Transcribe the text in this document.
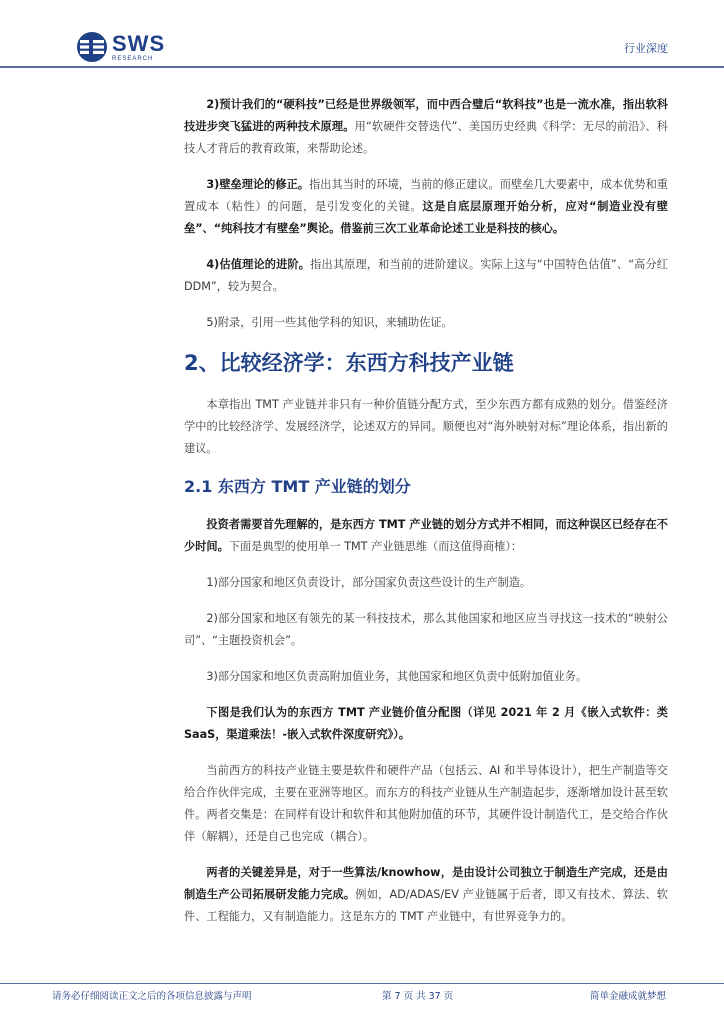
SWS
RESEARCH
行业深度

2)预计我们的“硬科技”已经是世界级领军，而中西合璧后“软科技”也是一流水准，指出软科技进步突飞猛进的两种技术原理。用“软硬件交替迭代”、美国历史经典《科学：无尽的前沿》、科技人才背后的教育政策，来帮助论述。

3)壁垒理论的修正。指出其当时的环境，当前的修正建议。而壁垒几大要素中，成本优势和重置成本（粘性）的问题，是引发变化的关键。这是自底层原理开始分析，应对“制造业没有壁垒”、“纯科技才有壁垒”舆论。借鉴前三次工业革命论述工业是科技的核心。

4)估值理论的进阶。指出其原理，和当前的进阶建议。实际上这与“中国特色估值”、“高分红 DDM”，较为契合。

5)附录，引用一些其他学科的知识，来辅助佐证。

2、比较经济学：东西方科技产业链

本章指出 TMT 产业链并非只有一种价值链分配方式，至少东西方都有成熟的划分。借鉴经济学中的比较经济学、发展经济学，论述双方的异同。顺便也对“海外映射对标”理论体系，指出新的建议。

2.1 东西方 TMT 产业链的划分

投资者需要首先理解的，是东西方 TMT 产业链的划分方式并不相同，而这种误区已经存在不少时间。下面是典型的使用单一 TMT 产业链思维（而这值得商榷）：

1)部分国家和地区负责设计，部分国家负责这些设计的生产制造。

2)部分国家和地区有领先的某一科技技术，那么其他国家和地区应当寻找这一技术的“映射公司”、“主题投资机会”。

3)部分国家和地区负责高附加值业务，其他国家和地区负责中低附加值业务。

下图是我们认为的东西方 TMT 产业链价值分配图（详见 2021 年 2 月《嵌入式软件：类 SaaS，渠道乘法！-嵌入式软件深度研究》）。

当前西方的科技产业链主要是软件和硬件产品（包括云、AI 和半导体设计），把生产制造等交给合作伙伴完成，主要在亚洲等地区。而东方的科技产业链从生产制造起步，逐渐增加设计甚至软件。两者交集是：在同样有设计和软件和其他附加值的环节，其硬件设计制造代工，是交给合作伙伴（解耦），还是自己也完成（耦合）。

两者的关键差异是，对于一些算法/knowhow，是由设计公司独立于制造生产完成，还是由制造生产公司拓展研发能力完成。例如，AD/ADAS/EV 产业链属于后者，即又有技术、算法、软件、工程能力，又有制造能力。这是东方的 TMT 产业链中，有世界竞争力的。

请务必仔细阅读正文之后的各项信息披露与声明	第 7 页 共 37 页	简单金融成就梦想
